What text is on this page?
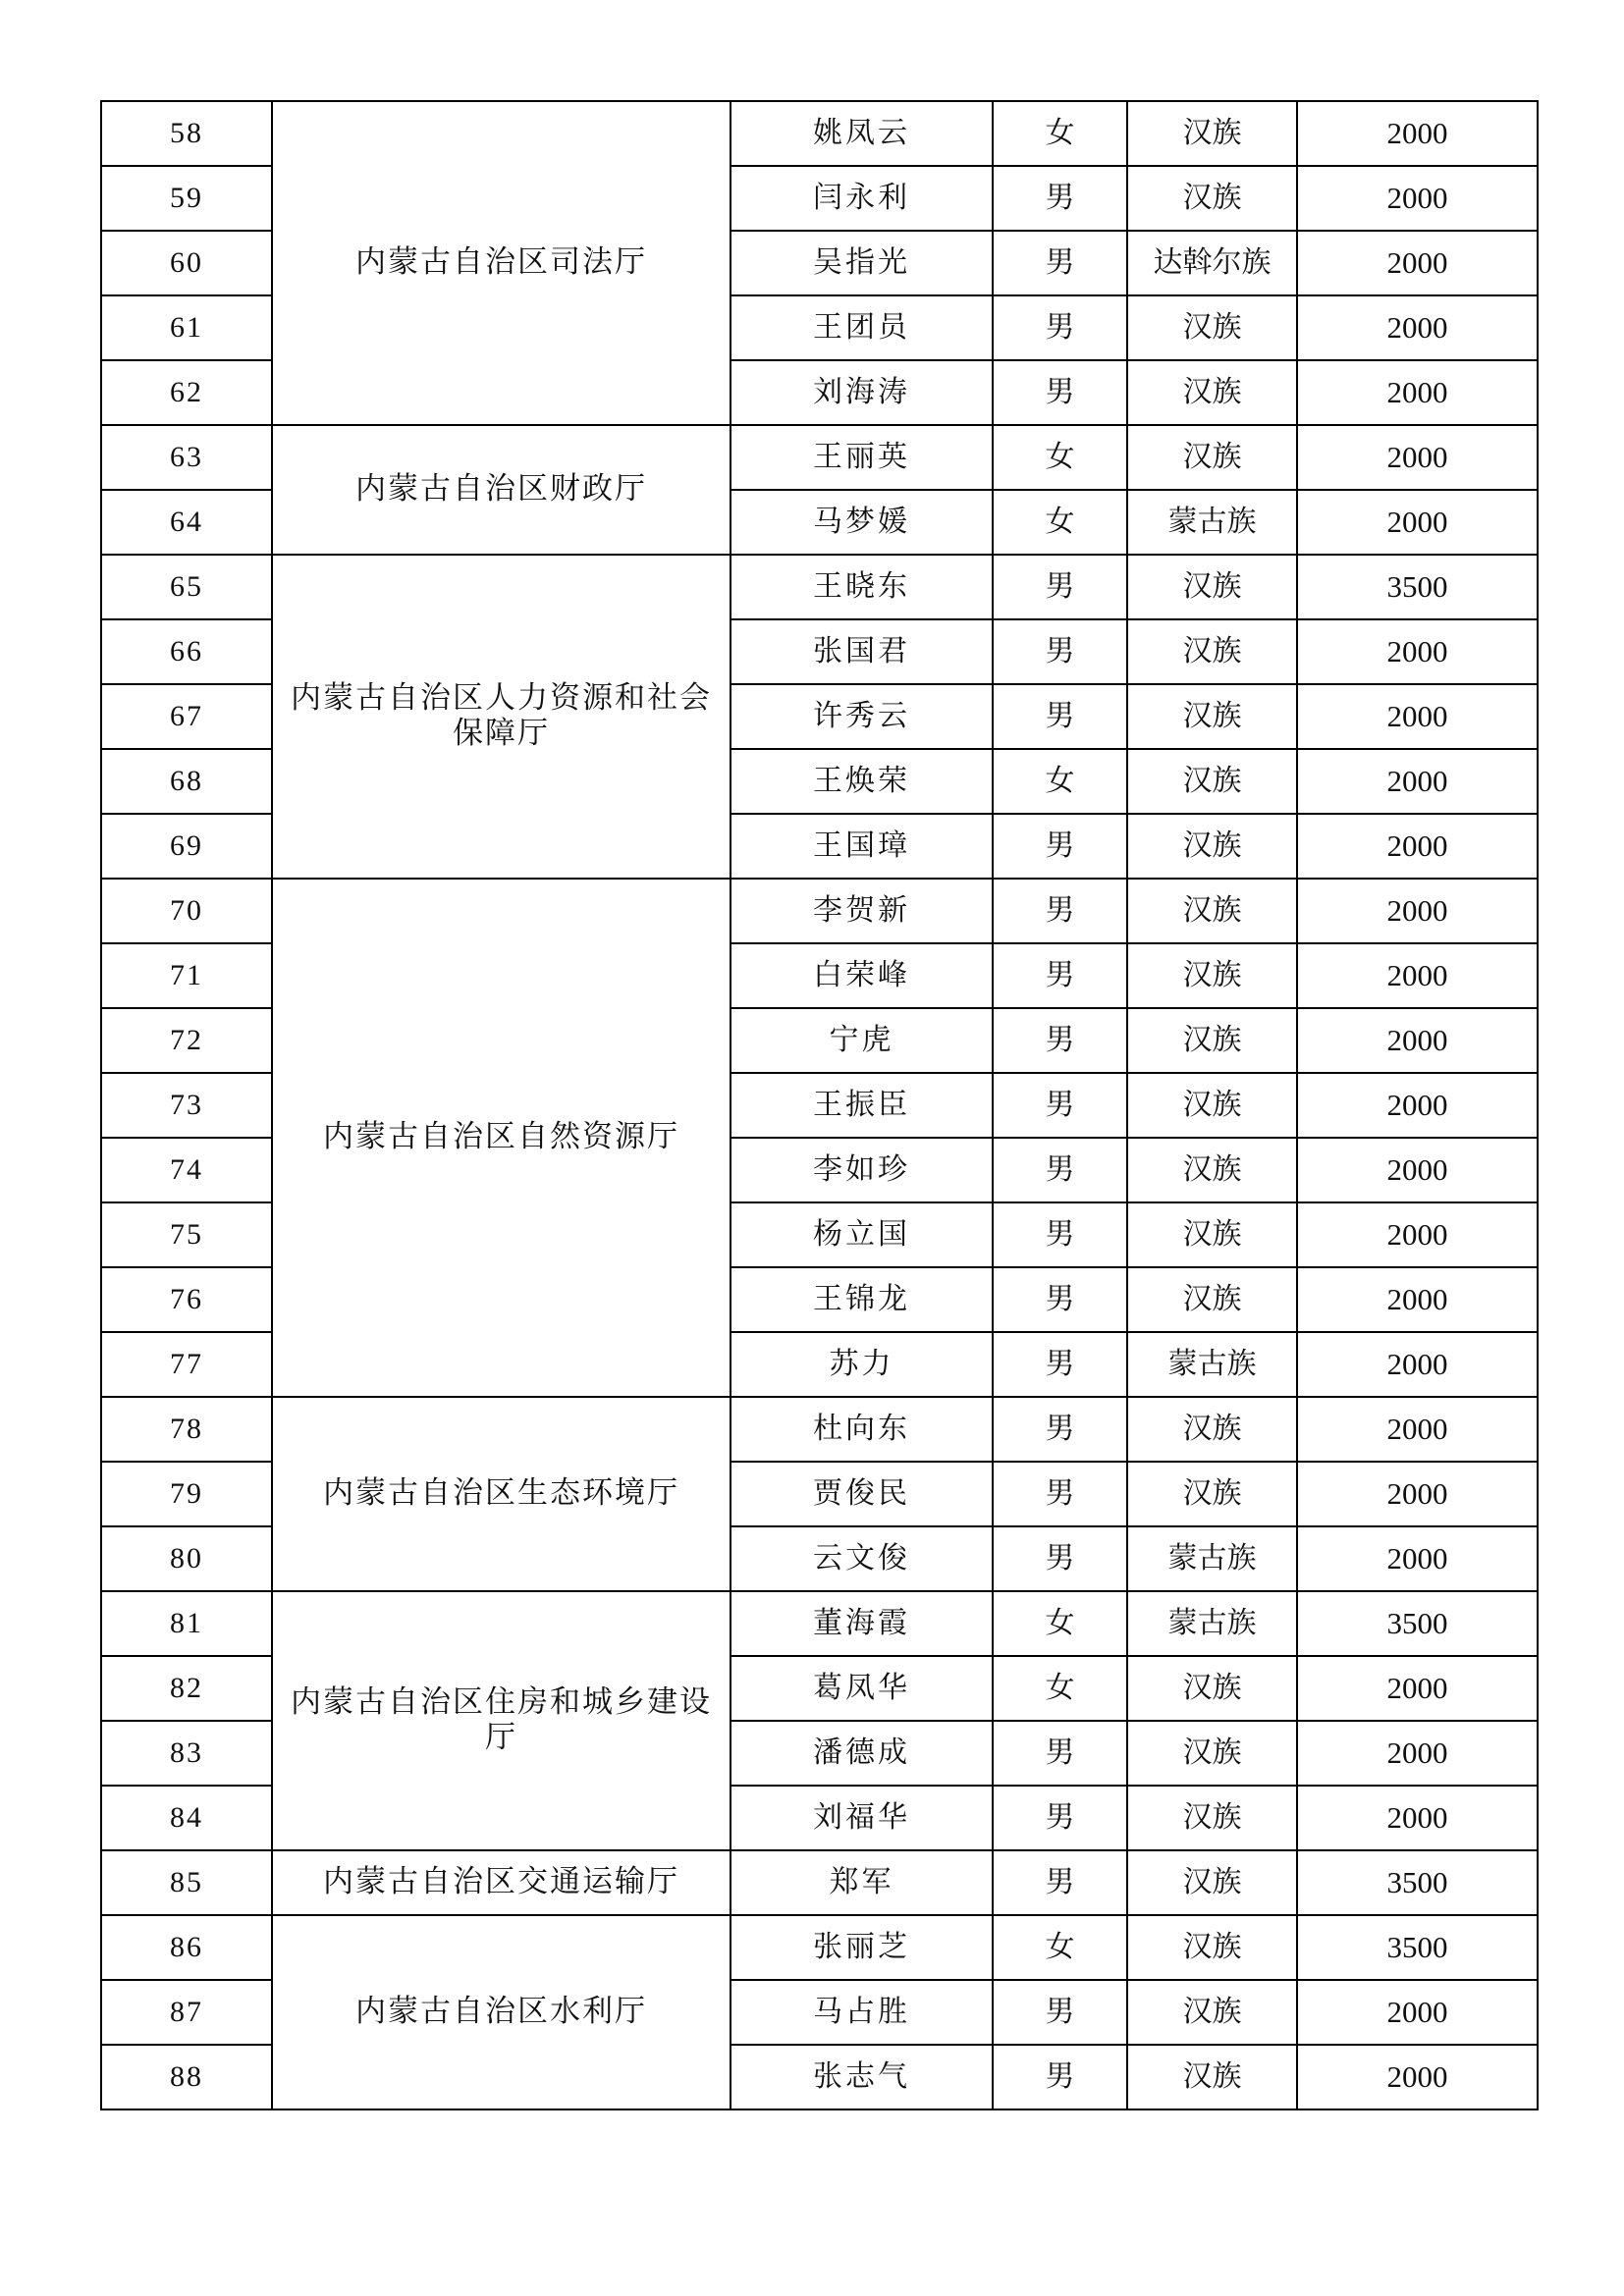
58	内蒙古自治区司法厅	姚凤云	女	汉族	2000
59		闫永利	男	汉族	2000
60		吴指光	男	达斡尔族	2000
61		王团员	男	汉族	2000
62		刘海涛	男	汉族	2000
63	内蒙古自治区财政厅	王丽英	女	汉族	2000
64		马梦媛	女	蒙古族	2000
65	内蒙古自治区人力资源和社会保障厅	王晓东	男	汉族	3500
66		张国君	男	汉族	2000
67		许秀云	男	汉族	2000
68		王焕荣	女	汉族	2000
69		王国璋	男	汉族	2000
70	内蒙古自治区自然资源厅	李贺新	男	汉族	2000
71		白荣峰	男	汉族	2000
72		宁虎	男	汉族	2000
73		王振臣	男	汉族	2000
74		李如珍	男	汉族	2000
75		杨立国	男	汉族	2000
76		王锦龙	男	汉族	2000
77		苏力	男	蒙古族	2000
78	内蒙古自治区生态环境厅	杜向东	男	汉族	2000
79		贾俊民	男	汉族	2000
80		云文俊	男	蒙古族	2000
81	内蒙古自治区住房和城乡建设厅	董海霞	女	蒙古族	3500
82		葛凤华	女	汉族	2000
83		潘德成	男	汉族	2000
84		刘福华	男	汉族	2000
85	内蒙古自治区交通运输厅	郑军	男	汉族	3500
86	内蒙古自治区水利厅	张丽芝	女	汉族	3500
87		马占胜	男	汉族	2000
88		张志气	男	汉族	2000
